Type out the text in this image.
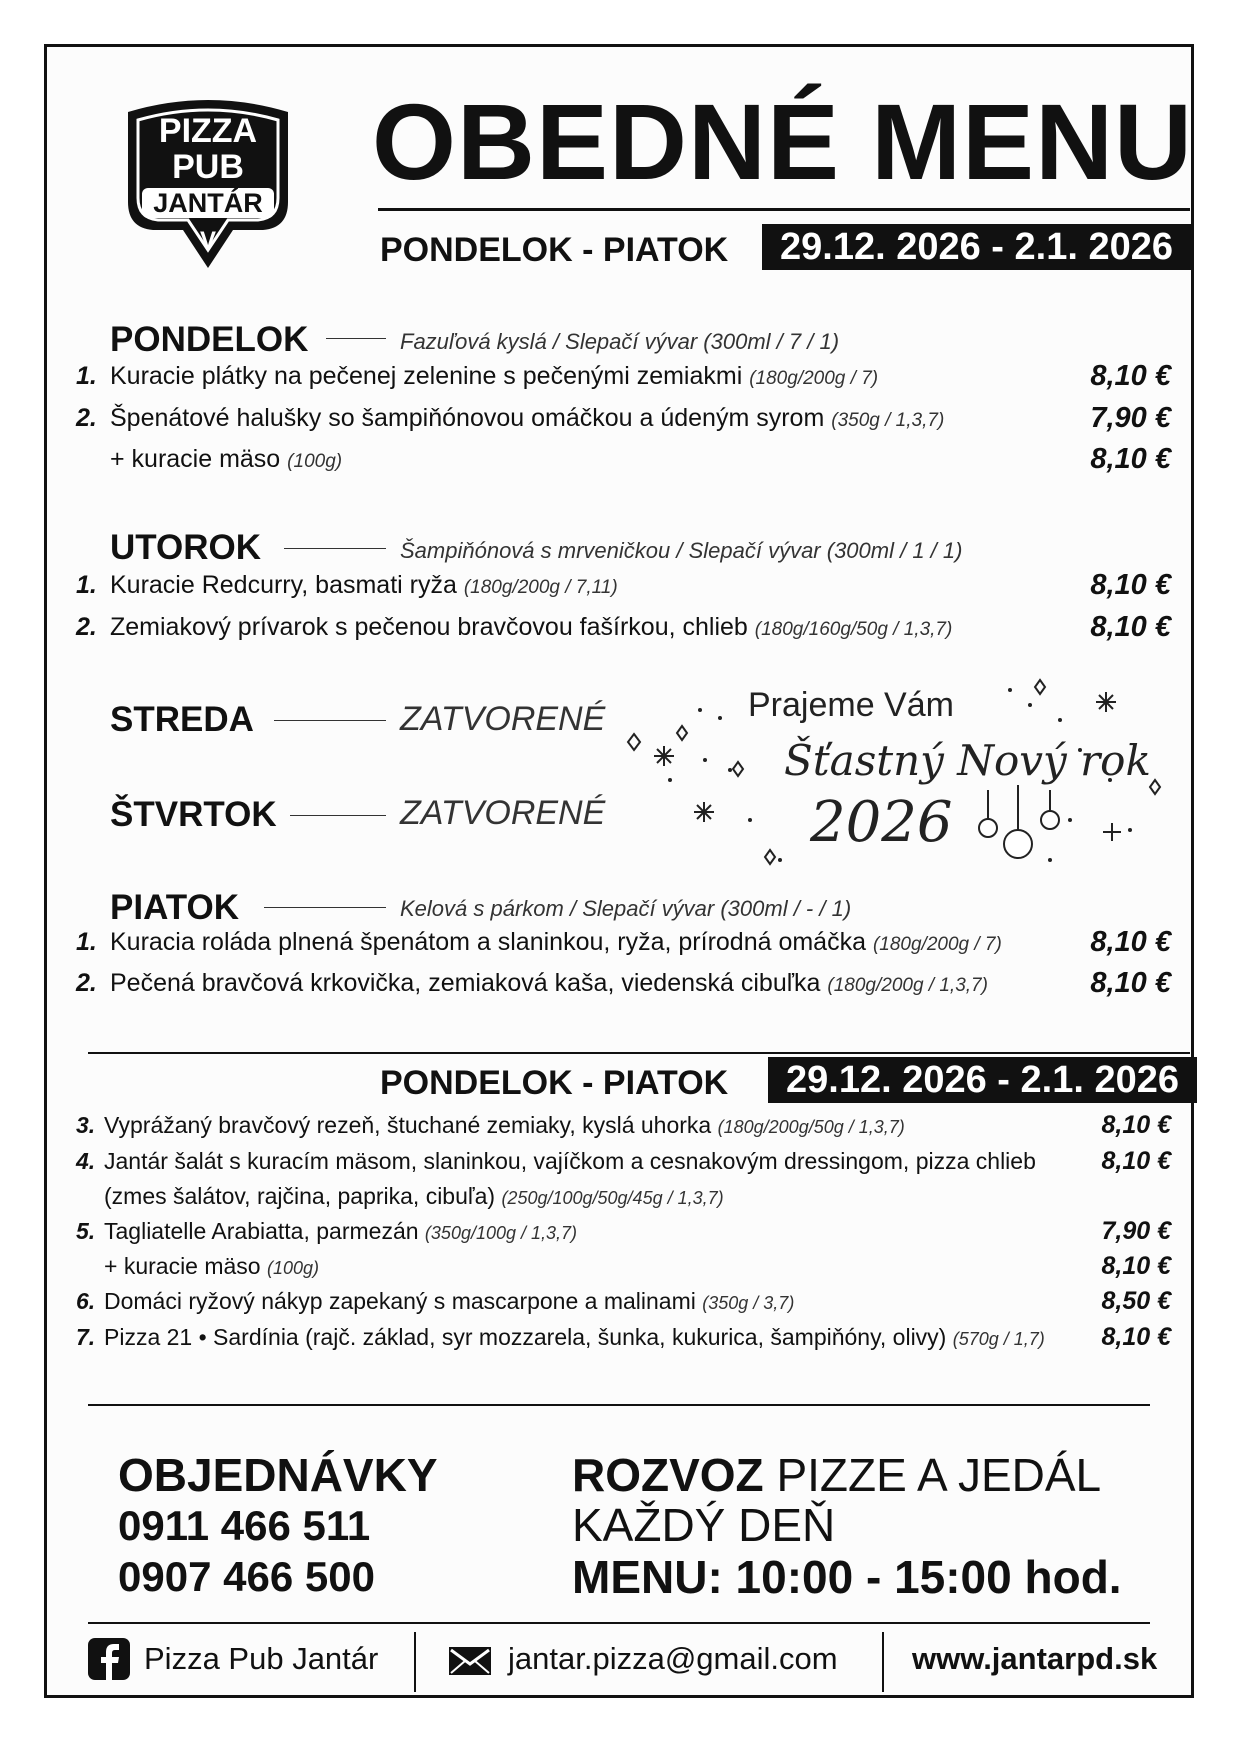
PIZZA
PUB
JANTÁR
V
OBEDNÉ MENU
PONDELOK - PIATOK	29.12. 2026 - 2.1. 2026
PONDELOK	Fazuľová kyslá / Slepačí vývar (300ml / 7 / 1)
1. Kuracie plátky na pečenej zelenine s pečenými zemiakmi (180g/200g / 7)	8,10 €
2. Špenátové halušky so šampiňónovou omáčkou a údeným syrom (350g / 1,3,7)	7,90 €
+ kuracie mäso (100g)	8,10 €
UTOROK	Šampiňónová s mrveničkou / Slepačí vývar (300ml / 1 / 1)
1. Kuracie Redcurry, basmati ryža (180g/200g / 7,11)	8,10 €
2. Zemiakový prívarok s pečenou bravčovou fašírkou, chlieb (180g/160g/50g / 1,3,7)	8,10 €
STREDA	ZATVORENÉ
ŠTVRTOK	ZATVORENÉ
Prajeme Vám
Šťastný Nový rok
2026
PIATOK	Kelová s párkom / Slepačí vývar (300ml / - / 1)
1. Kuracia roláda plnená špenátom a slaninkou, ryža, prírodná omáčka (180g/200g / 7)	8,10 €
2. Pečená bravčová krkovička, zemiaková kaša, viedenská cibuľka (180g/200g / 1,3,7)	8,10 €
PONDELOK - PIATOK	29.12. 2026 - 2.1. 2026
3. Vyprážaný bravčový rezeň, štuchané zemiaky, kyslá uhorka (180g/200g/50g / 1,3,7)	8,10 €
4. Jantár šalát s kuracím mäsom, slaninkou, vajíčkom a cesnakovým dressingom, pizza chlieb	8,10 €
(zmes šalátov, rajčina, paprika, cibuľa) (250g/100g/50g/45g / 1,3,7)
5. Tagliatelle Arabiatta, parmezán (350g/100g / 1,3,7)	7,90 €
+ kuracie mäso (100g)	8,10 €
6. Domáci ryžový nákyp zapekaný s mascarpone a malinami (350g / 3,7)	8,50 €
7. Pizza 21 • Sardínia (rajč. základ, syr mozzarela, šunka, kukurica, šampiňóny, olivy) (570g / 1,7) 8,10 €
OBJEDNÁVKY
0911 466 511
0907 466 500
ROZVOZ PIZZE A JEDÁL
KAŽDÝ DEŇ
MENU: 10:00 - 15:00 hod.
Pizza Pub Jantár	jantar.pizza@gmail.com www.jantarpd.sk
